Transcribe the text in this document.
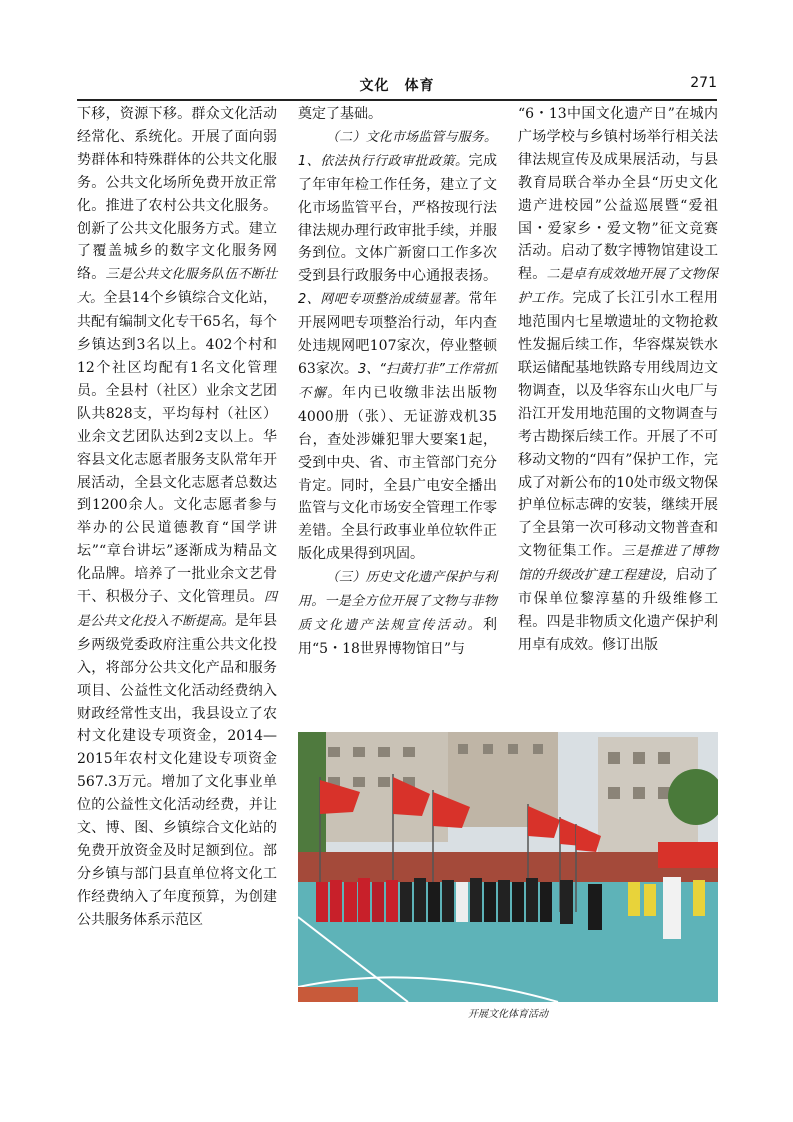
文化　体育	271

下移，资源下移。群众文化活动经常化、系统化。开展了面向弱势群体和特殊群体的公共文化服务。公共文化场所免费开放正常化。推进了农村公共文化服务。创新了公共文化服务方式。建立了覆盖城乡的数字文化服务网络。三是公共文化服务队伍不断壮大。全县14个乡镇综合文化站，共配有编制文化专干65名，每个乡镇达到3名以上。402个村和12个社区均配有1名文化管理员。全县村（社区）业余文艺团队共828支，平均每村（社区）业余文艺团队达到2支以上。华容县文化志愿者服务支队常年开展活动，全县文化志愿者总数达到1200余人。文化志愿者参与举办的公民道德教育“国学讲坛”“章台讲坛”逐渐成为精品文化品牌。培养了一批业余文艺骨干、积极分子、文化管理员。四是公共文化投入不断提高。是年县乡两级党委政府注重公共文化投入，将部分公共文化产品和服务项目、公益性文化活动经费纳入财政经常性支出，我县设立了农村文化建设专项资金，2014—2015年农村文化建设专项资金567.3万元。增加了文化事业单位的公益性文化活动经费，并让文、博、图、乡镇综合文化站的免费开放资金及时足额到位。部分乡镇与部门县直单位将文化工作经费纳入了年度预算，为创建公共服务体系示范区

奠定了基础。

（二）文化市场监管与服务。1、依法执行行政审批政策。完成了年审年检工作任务，建立了文化市场监管平台，严格按现行法律法规办理行政审批手续，并服务到位。文体广新窗口工作多次受到县行政服务中心通报表扬。2、网吧专项整治成绩显著。常年开展网吧专项整治行动，年内查处违规网吧107家次，停业整顿63家次。3、“扫黄打非”工作常抓不懈。年内已收缴非法出版物4000册（张）、无证游戏机35台，查处涉嫌犯罪大要案1起，受到中央、省、市主管部门充分肯定。同时，全县广电安全播出监管与文化市场安全管理工作零差错。全县行政事业单位软件正版化成果得到巩固。

（三）历史文化遗产保护与利用。一是全方位开展了文物与非物质文化遗产法规宣传活动。利用“5・18世界博物馆日”与

“6・13中国文化遗产日”在城内广场学校与乡镇村场举行相关法律法规宣传及成果展活动，与县教育局联合举办全县“历史文化遗产进校园”公益巡展暨“爱祖国・爱家乡・爱文物”征文竞赛活动。启动了数字博物馆建设工程。二是卓有成效地开展了文物保护工作。完成了长江引水工程用地范围内七星墩遗址的文物抢救性发掘后续工作，华容煤炭铁水联运储配基地铁路专用线周边文物调查，以及华容东山火电厂与沿江开发用地范围的文物调查与考古勘探后续工作。开展了不可移动文物的“四有”保护工作，完成了对新公布的10处市级文物保护单位标志碑的安装，继续开展了全县第一次可移动文物普查和文物征集工作。三是推进了博物馆的升级改扩建工程建设，启动了市保单位黎淳墓的升级维修工程。四是非物质文化遗产保护利用卓有成效。修订出版

开展文化体育活动
